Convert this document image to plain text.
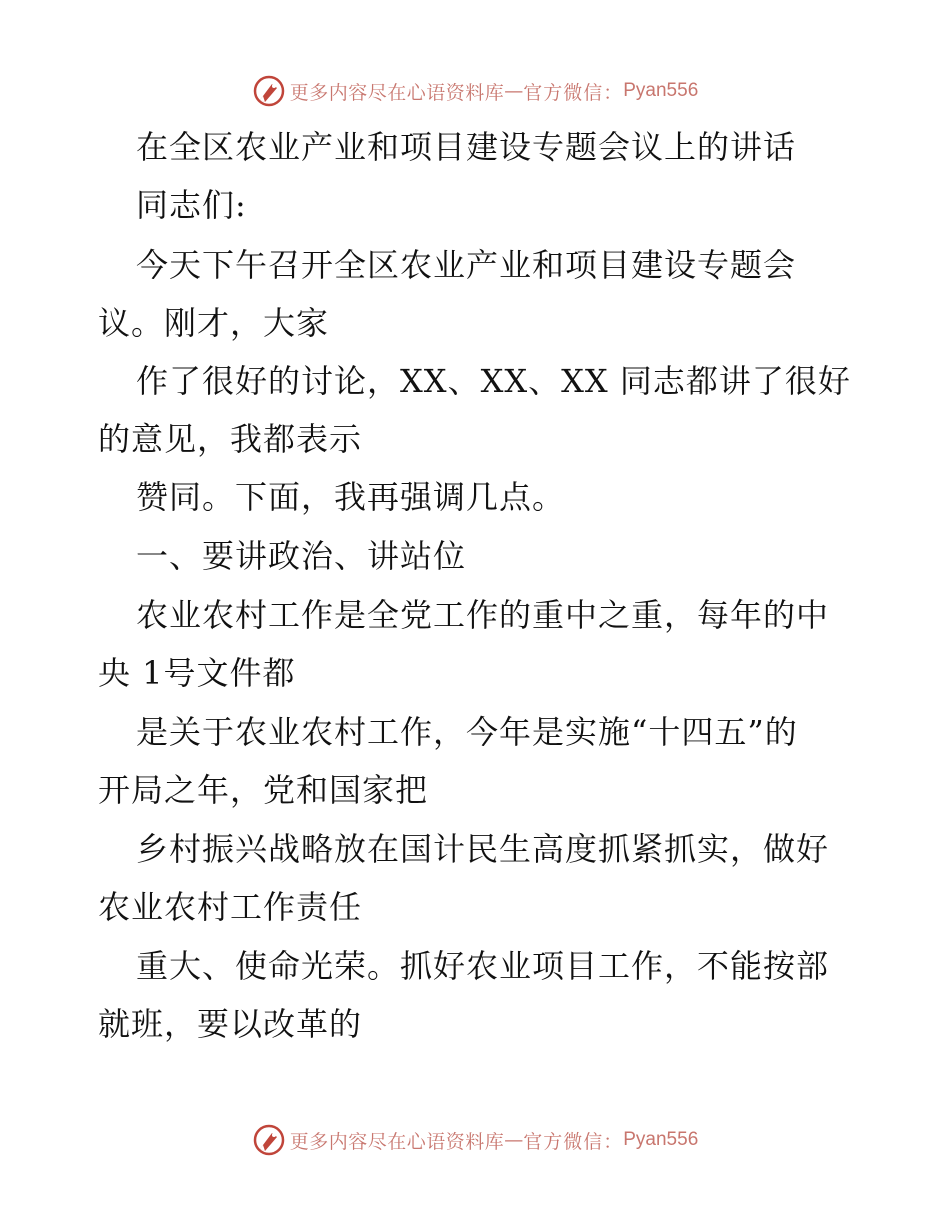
更多内容尽在心语资料库 — 官方微信： Pyan556
在全区农业产业和项目建设专题会议上的讲话
同志们:
今天下午召开全区农业产业和项目建设专题会
议。刚才，大家
作了很好的讨论，XX、XX、XX 同志都讲了很好
的意见，我都表示
赞同。下面，我再强调几点。
一、要讲政治、讲站位
农业农村工作是全党工作的重中之重，每年的中
央 1号文件都
是关于农业农村工作，今年是实施“十四五”的
开局之年，党和国家把
乡村振兴战略放在国计民生高度抓紧抓实，做好
农业农村工作责任
重大、使命光荣。抓好农业项目工作，不能按部
就班，要以改革的
更多内容尽在心语资料库 — 官方微信： Pyan556
